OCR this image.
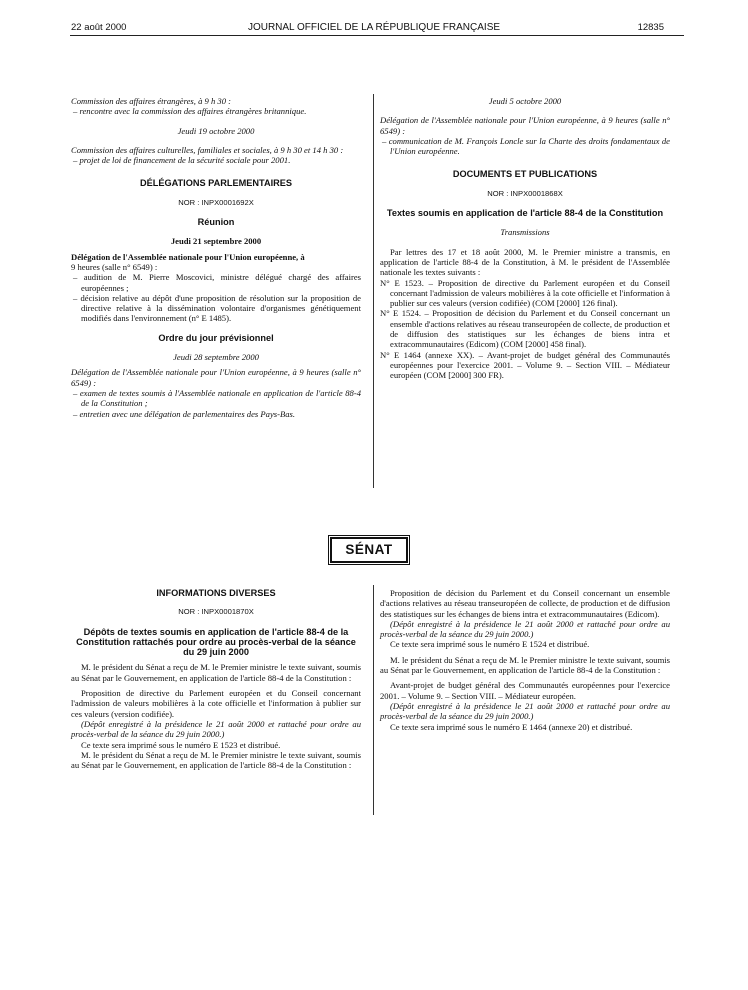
22 août 2000	JOURNAL OFFICIEL DE LA RÉPUBLIQUE FRANÇAISE	12835

Commission des affaires étrangères, à 9 h 30 :

– rencontre avec la commission des affaires étrangères britannique.

Jeudi 19 octobre 2000

Commission des affaires culturelles, familiales et sociales, à 9 h 30 et 14 h 30 :

– projet de loi de financement de la sécurité sociale pour 2001.

DÉLÉGATIONS PARLEMENTAIRES

NOR : INPX0001692X

Réunion

Jeudi 21 septembre 2000

Délégation de l'Assemblée nationale pour l'Union européenne, à
9 heures (salle n° 6549) :

– audition de M. Pierre Moscovici, ministre délégué chargé des affaires européennes ;

– décision relative au dépôt d'une proposition de résolution sur la proposition de directive relative à la dissémination volontaire d'organismes génétiquement modifiés dans l'environnement (n° E 1485).

Ordre du jour prévisionnel

Jeudi 28 septembre 2000

Délégation de l'Assemblée nationale pour l'Union européenne, à 9 heures (salle n° 6549) :

– examen de textes soumis à l'Assemblée nationale en application de l'article 88-4 de la Constitution ;

– entretien avec une délégation de parlementaires des Pays-Bas.

Jeudi 5 octobre 2000

Délégation de l'Assemblée nationale pour l'Union européenne, à 9 heures (salle n° 6549) :

– communication de M. François Loncle sur la Charte des droits fondamentaux de l'Union européenne.

DOCUMENTS ET PUBLICATIONS

NOR : INPX0001868X

Textes soumis en application de l'article 88-4 de la Constitution

Transmissions

Par lettres des 17 et 18 août 2000, M. le Premier ministre a transmis, en application de l'article 88-4 de la Constitution, à M. le président de l'Assemblée nationale les textes suivants :

N° E 1523. – Proposition de directive du Parlement européen et du Conseil concernant l'admission de valeurs mobilières à la cote officielle et l'information à publier sur ces valeurs (version codifiée) (COM [2000] 126 final).

N° E 1524. – Proposition de décision du Parlement et du Conseil concernant un ensemble d'actions relatives au réseau transeuropéen de collecte, de production et de diffusion des statistiques sur les échanges de biens intra et extracommunautaires (Edicom) (COM [2000] 458 final).

N° E 1464 (annexe XX). – Avant-projet de budget général des Communautés européennes pour l'exercice 2001. – Volume 9. – Section VIII. – Médiateur européen (COM [2000] 300 FR).

SÉNAT

INFORMATIONS DIVERSES

NOR : INPX0001870X

Dépôts de textes soumis en application de l'article 88-4 de la Constitution rattachés pour ordre au procès-verbal de la séance du 29 juin 2000

M. le président du Sénat a reçu de M. le Premier ministre le texte suivant, soumis au Sénat par le Gouvernement, en application de l'article 88-4 de la Constitution :

Proposition de directive du Parlement européen et du Conseil concernant l'admission de valeurs mobilières à la cote officielle et l'information à publier sur ces valeurs (version codifiée).

(Dépôt enregistré à la présidence le 21 août 2000 et rattaché pour ordre au procès-verbal de la séance du 29 juin 2000.)

Ce texte sera imprimé sous le numéro E 1523 et distribué.

M. le président du Sénat a reçu de M. le Premier ministre le texte suivant, soumis au Sénat par le Gouvernement, en application de l'article 88-4 de la Constitution :

Proposition de décision du Parlement et du Conseil concernant un ensemble d'actions relatives au réseau transeuropéen de collecte, de production et de diffusion des statistiques sur les échanges de biens intra et extracommunautaires (Edicom).

(Dépôt enregistré à la présidence le 21 août 2000 et rattaché pour ordre au procès-verbal de la séance du 29 juin 2000.)

Ce texte sera imprimé sous le numéro E 1524 et distribué.

M. le président du Sénat a reçu de M. le Premier ministre le texte suivant, soumis au Sénat par le Gouvernement, en application de l'article 88-4 de la Constitution :

Avant-projet de budget général des Communautés européennes pour l'exercice 2001. – Volume 9. – Section VIII. – Médiateur européen.

(Dépôt enregistré à la présidence le 21 août 2000 et rattaché pour ordre au procès-verbal de la séance du 29 juin 2000.)

Ce texte sera imprimé sous le numéro E 1464 (annexe 20) et distribué.
